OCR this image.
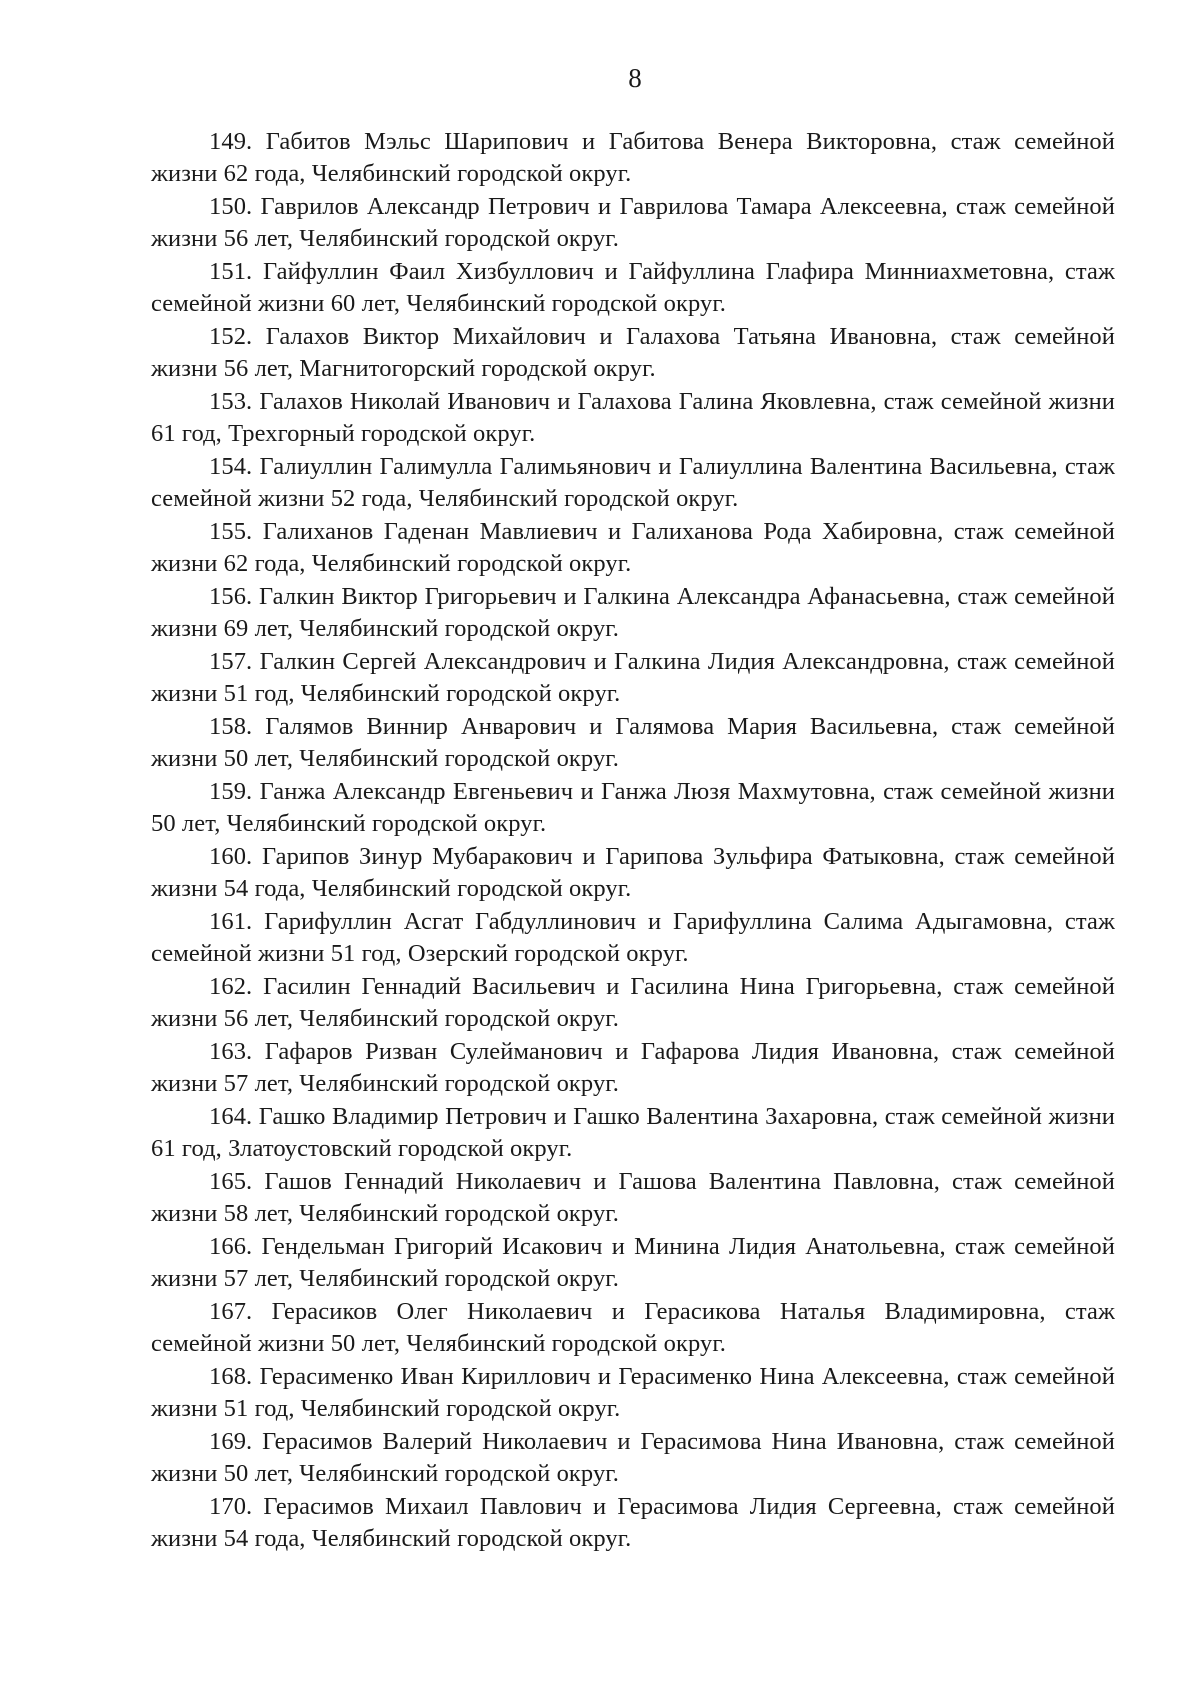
8
149. Габитов Мэльс Шарипович и Габитова Венера Викторовна, стаж семейной жизни 62 года, Челябинский городской округ.
150. Гаврилов Александр Петрович и Гаврилова Тамара Алексеевна, стаж семейной жизни 56 лет, Челябинский городской округ.
151. Гайфуллин Фаил Хизбуллович и Гайфуллина Глафира Минниахметовна, стаж семейной жизни 60 лет, Челябинский городской округ.
152. Галахов Виктор Михайлович и Галахова Татьяна Ивановна, стаж семейной жизни 56 лет, Магнитогорский городской округ.
153. Галахов Николай Иванович и Галахова Галина Яковлевна, стаж семейной жизни 61 год, Трехгорный городской округ.
154. Галиуллин Галимулла Галимьянович и Галиуллина Валентина Васильевна, стаж семейной жизни 52 года, Челябинский городской округ.
155. Галиханов Гаденан Мавлиевич и Галиханова Рода Хабировна, стаж семейной жизни 62 года, Челябинский городской округ.
156. Галкин Виктор Григорьевич и Галкина Александра Афанасьевна, стаж семейной жизни 69 лет, Челябинский городской округ.
157. Галкин Сергей Александрович и Галкина Лидия Александровна, стаж семейной жизни 51 год, Челябинский городской округ.
158. Галямов Виннир Анварович и Галямова Мария Васильевна, стаж семейной жизни 50 лет, Челябинский городской округ.
159. Ганжа Александр Евгеньевич и Ганжа Люзя Махмутовна, стаж семейной жизни 50 лет, Челябинский городской округ.
160. Гарипов Зинур Мубаракович и Гарипова Зульфира Фатыковна, стаж семейной жизни 54 года, Челябинский городской округ.
161. Гарифуллин Асгат Габдуллинович и Гарифуллина Салима Адыгамовна, стаж семейной жизни 51 год, Озерский городской округ.
162. Гасилин Геннадий Васильевич и Гасилина Нина Григорьевна, стаж семейной жизни 56 лет, Челябинский городской округ.
163. Гафаров Ризван Сулейманович и Гафарова Лидия Ивановна, стаж семейной жизни 57 лет, Челябинский городской округ.
164. Гашко Владимир Петрович и Гашко Валентина Захаровна, стаж семейной жизни 61 год, Златоустовский городской округ.
165. Гашов Геннадий Николаевич и Гашова Валентина Павловна, стаж семейной жизни 58 лет, Челябинский городской округ.
166. Гендельман Григорий Исакович и Минина Лидия Анатольевна, стаж семейной жизни 57 лет, Челябинский городской округ.
167. Герасиков Олег Николаевич и Герасикова Наталья Владимировна, стаж семейной жизни 50 лет, Челябинский городской округ.
168. Герасименко Иван Кириллович и Герасименко Нина Алексеевна, стаж семейной жизни 51 год, Челябинский городской округ.
169. Герасимов Валерий Николаевич и Герасимова Нина Ивановна, стаж семейной жизни 50 лет, Челябинский городской округ.
170. Герасимов Михаил Павлович и Герасимова Лидия Сергеевна, стаж семейной жизни 54 года, Челябинский городской округ.
